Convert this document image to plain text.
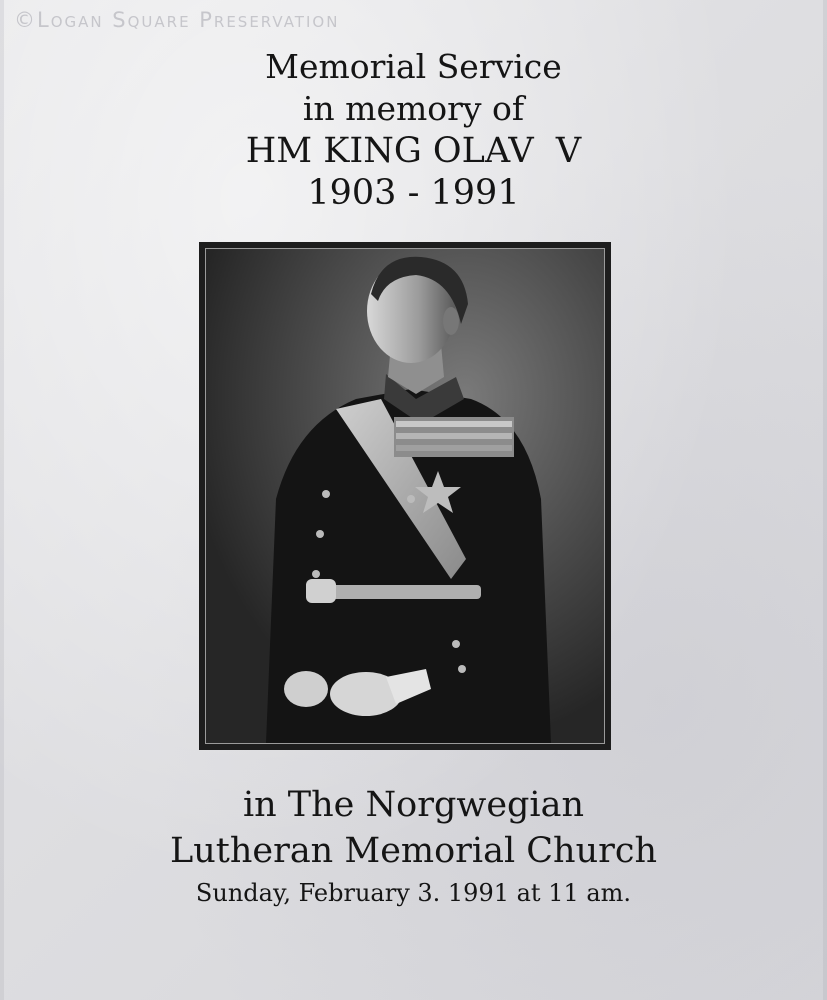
©Logan Square Preservation
Memorial Service
in memory of
HM KING OLAV  V
1903 - 1991
in The Norgwegian
Lutheran Memorial Church
Sunday, February 3. 1991 at 11 am.
